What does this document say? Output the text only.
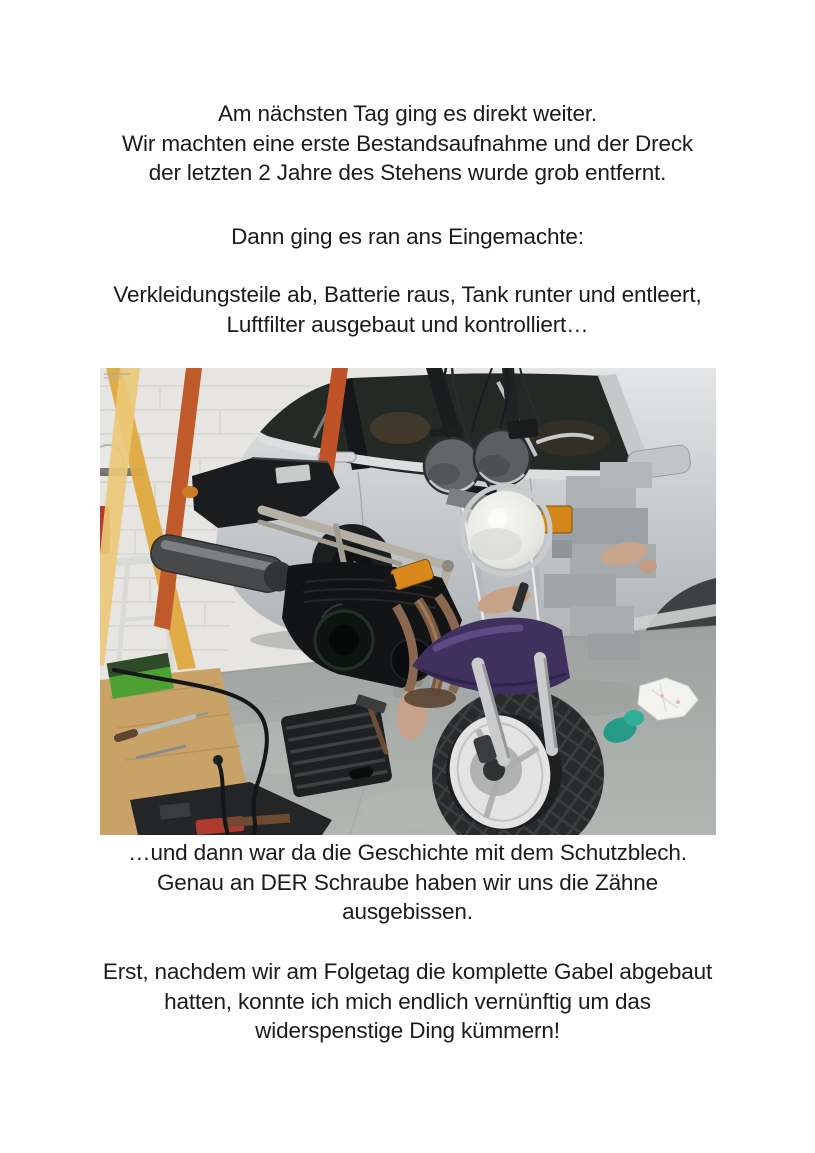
Am nächsten Tag ging es direkt weiter.
Wir machten eine erste Bestandsaufnahme und der Dreck
der letzten 2 Jahre des Stehens wurde grob entfernt.
Dann ging es ran ans Eingemachte:
Verkleidungsteile ab, Batterie raus, Tank runter und entleert,
Luftfilter ausgebaut und kontrolliert…
…und dann war da die Geschichte mit dem Schutzblech.
Genau an DER Schraube haben wir uns die Zähne
ausgebissen.
Erst, nachdem wir am Folgetag die komplette Gabel abgebaut
hatten, konnte ich mich endlich vernünftig um das
widerspenstige Ding kümmern!
